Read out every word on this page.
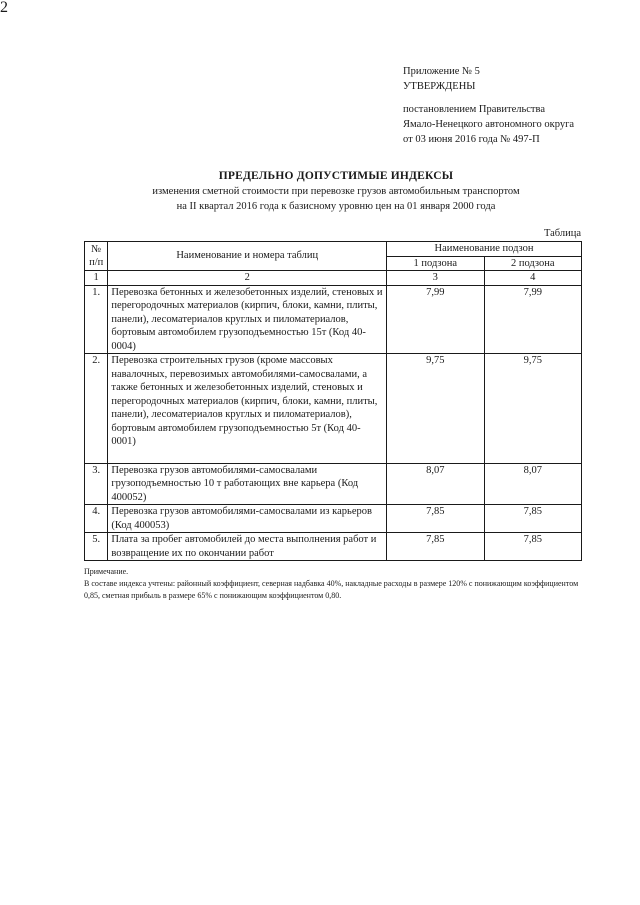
2
Приложение № 5
УТВЕРЖДЕНЫ
постановлением Правительства
Ямало-Ненецкого автономного округа
от 03 июня 2016 года № 497-П
ПРЕДЕЛЬНО ДОПУСТИМЫЕ ИНДЕКСЫ
изменения сметной стоимости при перевозке грузов автомобильным транспортом
на II квартал 2016 года к базисному уровню цен на 01 января 2000 года
Таблица
№ п/п	Наименование и номера таблиц	Наименование подзон	
		1 подзона	2 подзона
1	2	3	4
1.	Перевозка бетонных и железобетонных изделий, стеновых и перегородочных материалов (кирпич, блоки, камни, плиты, панели), лесоматериалов круглых и пиломатериалов, бортовым автомобилем грузоподъемностью 15т (Код 40-0004)	7,99	7,99
2.	Перевозка строительных грузов (кроме массовых навалочных, перевозимых автомобилями-самосвалами, а также бетонных и железобетонных изделий, стеновых и перегородочных материалов (кирпич, блоки, камни, плиты, панели), лесоматериалов круглых и пиломатериалов), бортовым автомобилем грузоподъемностью 5т (Код 40-0001)	9,75	9,75
3.	Перевозка грузов автомобилями-самосвалами грузоподъемностью 10 т работающих вне карьера (Код 400052)	8,07	8,07
4.	Перевозка грузов автомобилями-самосвалами из карьеров (Код 400053)	7,85	7,85
5.	Плата за пробег автомобилей до места выполнения работ и возвращение их по окончании работ	7,85	7,85
Примечание.
В составе индекса учтены: районный коэффициент, северная надбавка 40%, накладные расходы в размере 120% с понижающим коэффициентом 0,85, сметная прибыль в размере 65% с понижающим коэффициентом 0,80.
